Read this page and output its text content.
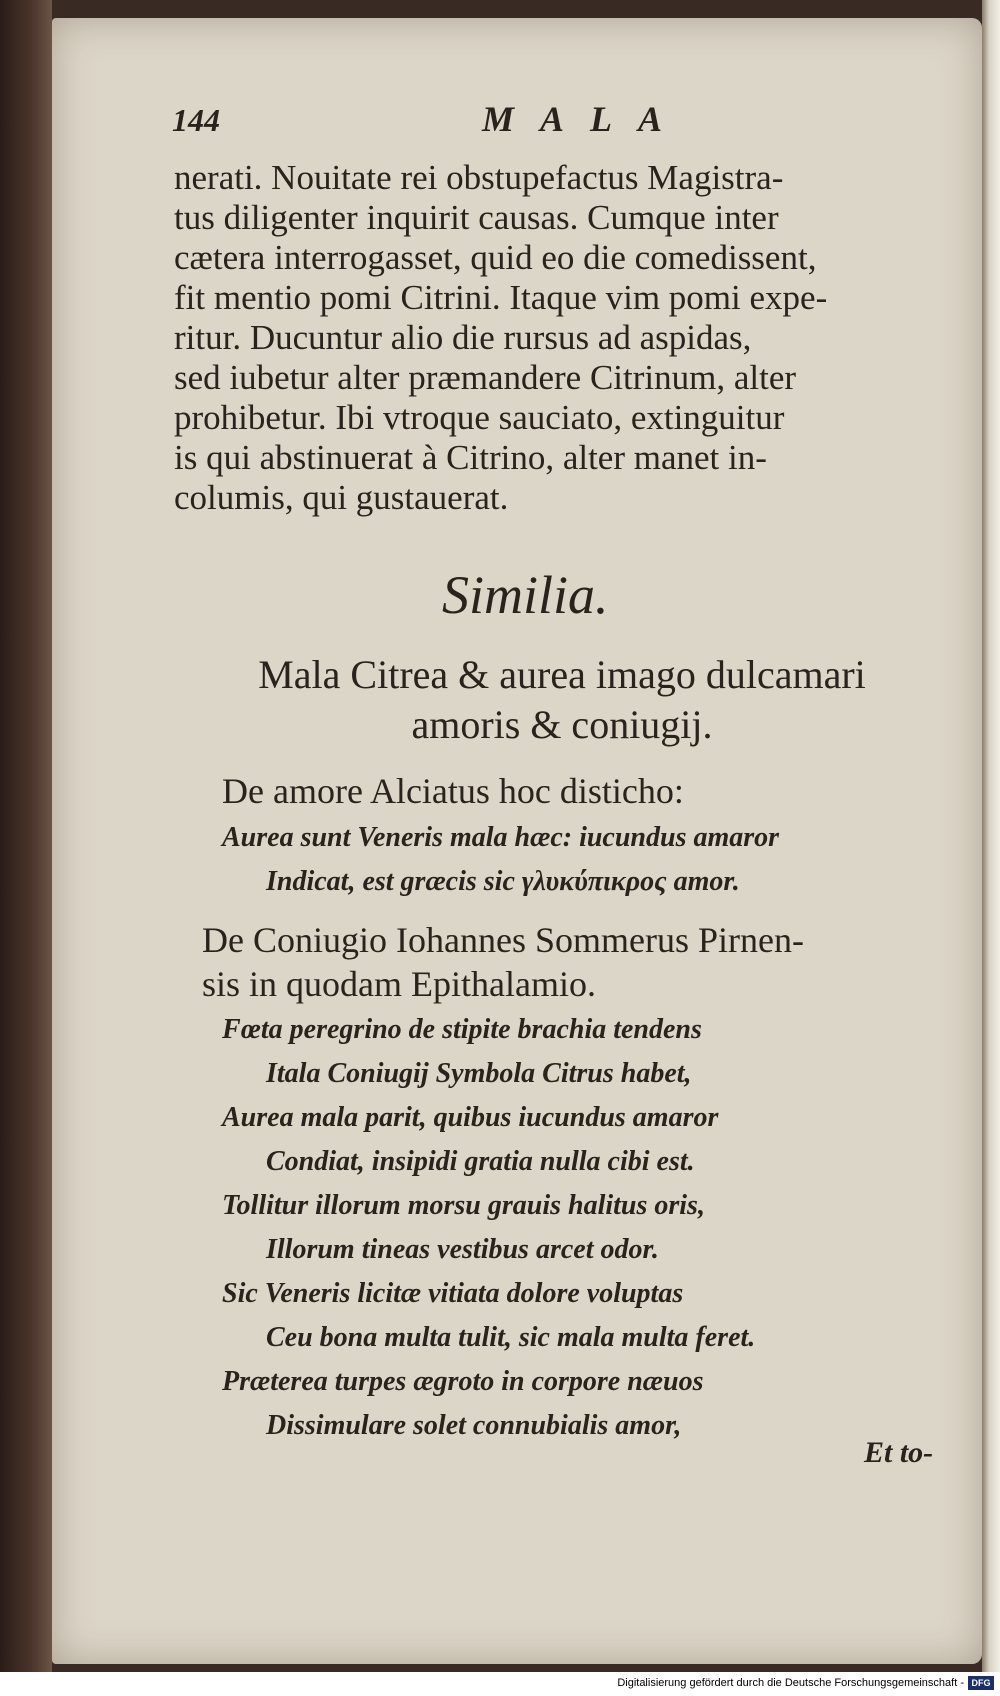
144	MALA
nerati. Nouitate rei obstupefactus Magistra-
tus diligenter inquirit causas. Cumque inter
cætera interrogasset, quid eo die comedissent,
fit mentio pomi Citrini. Itaque vim pomi expe-
ritur. Ducuntur alio die rursus ad aspidas,
sed iubetur alter præmandere Citrinum, alter
prohibetur. Ibi vtroque sauciato, extinguitur
is qui abstinuerat à Citrino, alter manet in-
columis, qui gustauerat.
Similia.
Mala Citrea & aurea imago dulcamari
amoris & coniugij.
De amore Alciatus hoc disticho:
Aurea sunt Veneris mala hæc: iucundus amaror
Indicat, est græcis sic γλυκύπικρος amor.
De Coniugio Iohannes Sommerus Pirnen-
sis in quodam Epithalamio.
Fœta peregrino de stipite brachia tendens
Itala Coniugij Symbola Citrus habet,
Aurea mala parit, quibus iucundus amaror
Condiat, insipidi gratia nulla cibi est.
Tollitur illorum morsu grauis halitus oris,
Illorum tineas vestibus arcet odor.
Sic Veneris licitæ vitiata dolore voluptas
Ceu bona multa tulit, sic mala multa feret.
Præterea turpes ægroto in corpore næuos
Dissimulare solet connubialis amor,
Et to-
Digitalisierung gefördert durch die Deutsche Forschungsgemeinschaft - DFG
